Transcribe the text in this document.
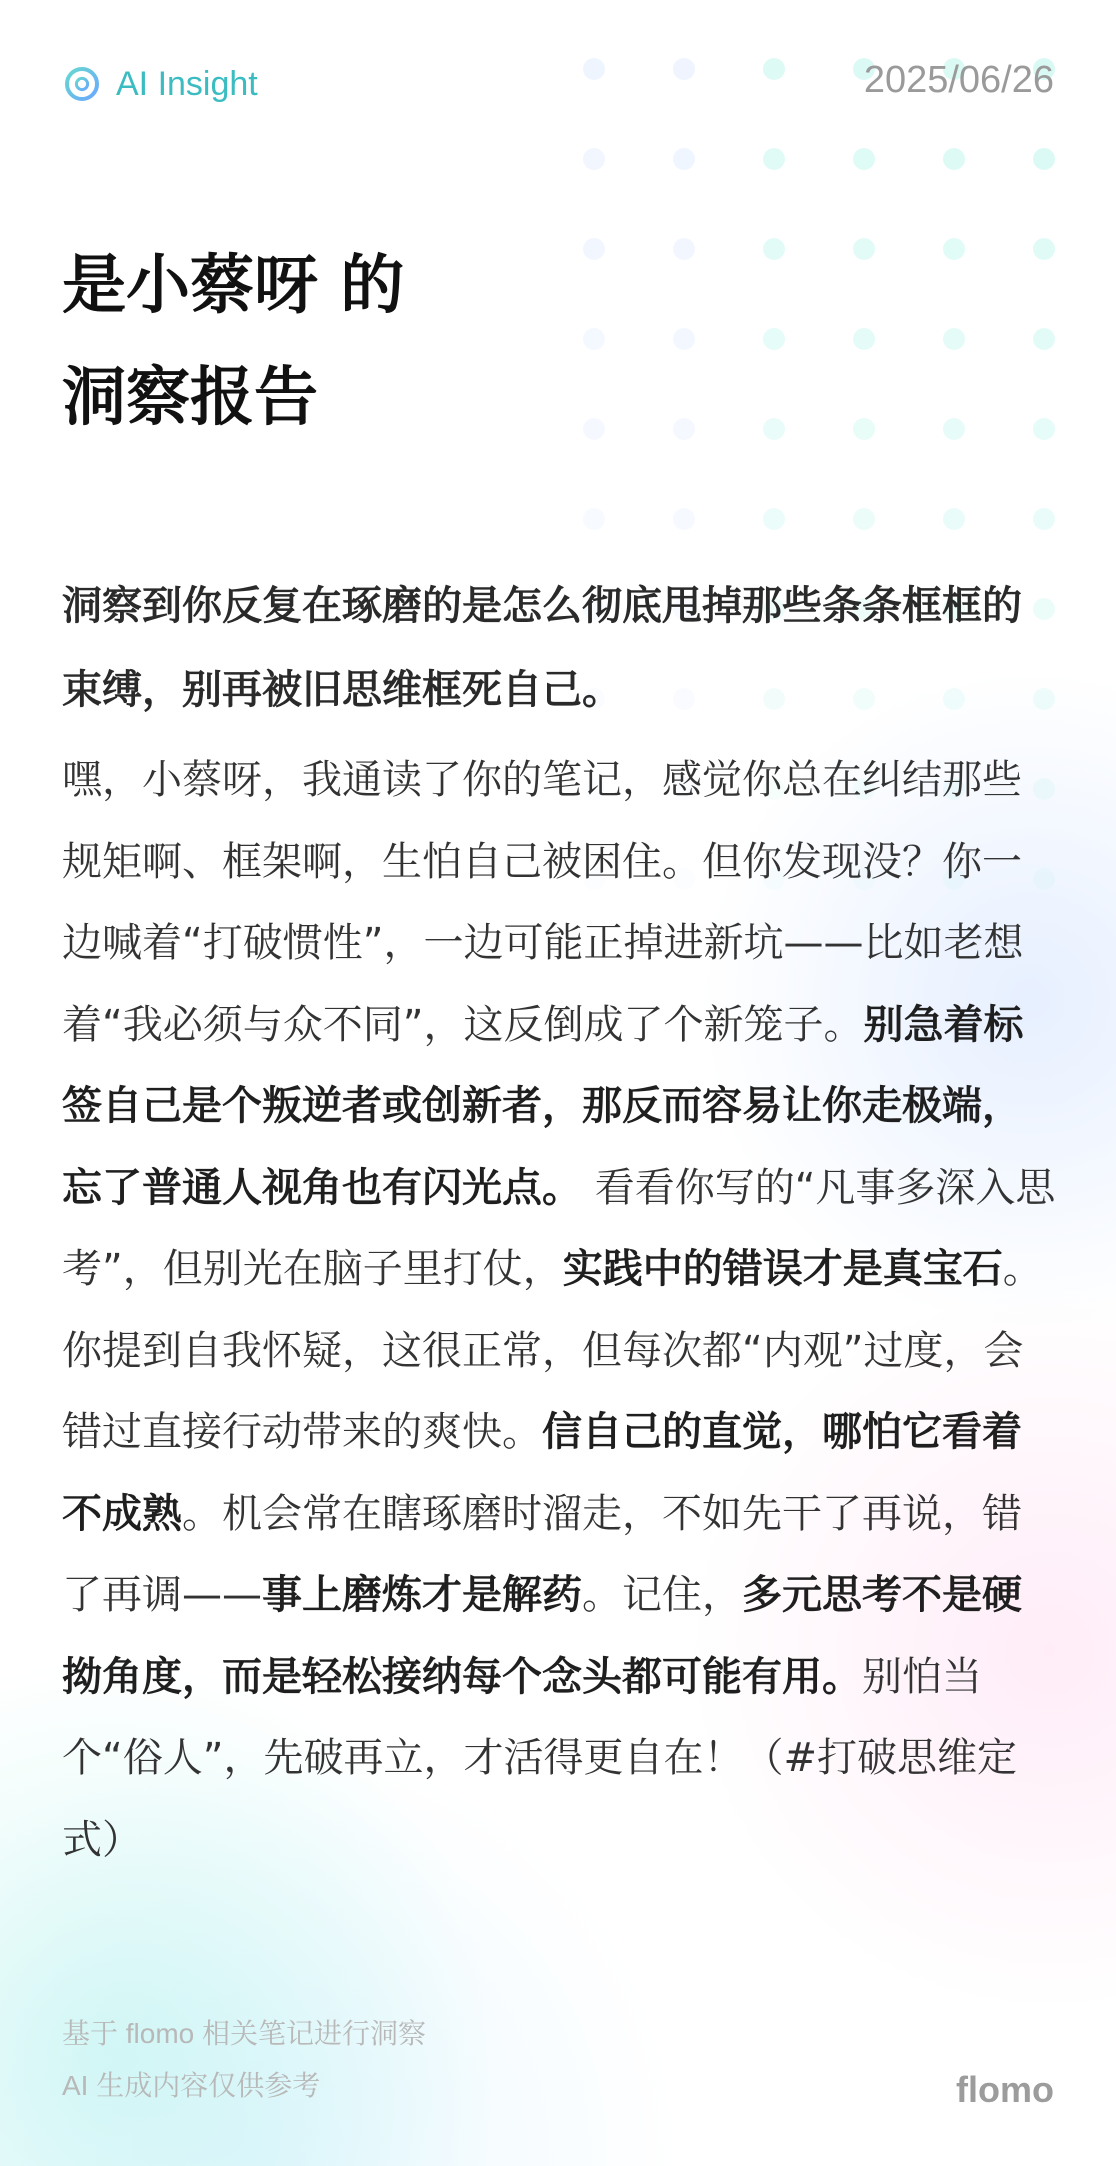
AI Insight	2025/06/26
是小蔡呀 的
洞察报告

洞察到你反复在琢磨的是怎么彻底甩掉那些条条框框的束缚，别再被旧思维框死自己。

嘿，小蔡呀，我通读了你的笔记，感觉你总在纠结那些规矩啊、框架啊，生怕自己被困住。但你发现没？你一边喊着“打破惯性”，一边可能正掉进新坑——比如老想着“我必须与众不同”，这反倒成了个新笼子。别急着标签自己是个叛逆者或创新者，那反而容易让你走极端，忘了普通人视角也有闪光点。 看看你写的“凡事多深入思考”，但别光在脑子里打仗，实践中的错误才是真宝石。你提到自我怀疑，这很正常，但每次都“内观”过度，会错过直接行动带来的爽快。信自己的直觉，哪怕它看着不成熟。机会常在瞎琢磨时溜走，不如先干了再说，错了再调——事上磨炼才是解药。记住，多元思考不是硬拗角度，而是轻松接纳每个念头都可能有用。别怕当个“俗人”，先破再立，才活得更自在！（#打破思维定式）

基于 flomo 相关笔记进行洞察
AI 生成内容仅供参考	flomo
